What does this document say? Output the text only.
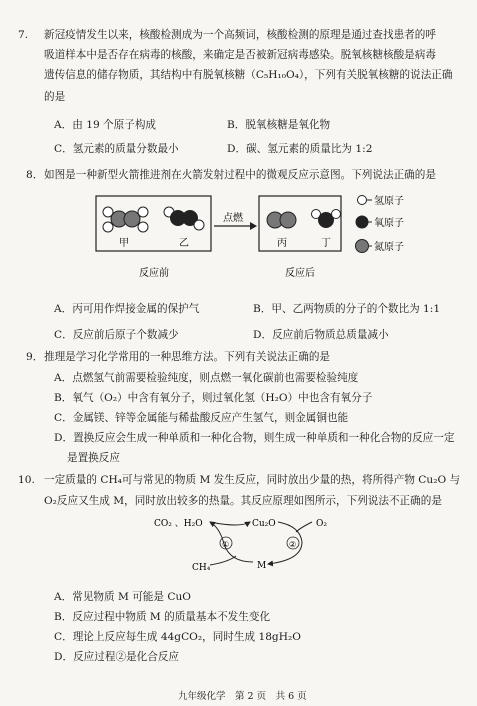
7. 新冠疫情发生以来，核酸检测成为一个高频词，核酸检测的原理是通过查找患者的呼
吸道样本中是否存在病毒的核酸，来确定是否被新冠病毒感染。脱氧核糖核酸是病毒
遗传信息的储存物质，其结构中有脱氧核糖（C₅H₁₀O₄），下列有关脱氧核糖的说法正确
的是
A．由 19 个原子构成	B．脱氧核糖是氧化物
C．氢元素的质量分数最小	D．碳、氢元素的质量比为 1:2
8． 如图是一种新型火箭推进剂在火箭发射过程中的微观反应示意图。下列说法正确的是
甲	乙
点燃
丙	丁
反应前	反应后
氢原子
氧原子
氮原子
A．丙可用作焊接金属的保护气	B．甲、乙两物质的分子的个数比为 1:1
C．反应前后原子个数减少	D．反应前后物质总质量减小
9． 推理是学习化学常用的一种思维方法。下列有关说法正确的是
A．点燃氢气前需要检验纯度，则点燃一氧化碳前也需要检验纯度
B．氧气（O₂）中含有氧分子，则过氧化氢（H₂O）中也含有氧分子
C．金属镁、锌等金属能与稀盐酸反应产生氢气，则金属铜也能
D．置换反应会生成一种单质和一种化合物，则生成一种单质和一种化合物的反应一定
是置换反应
10. 一定质量的 CH₄可与常见的物质 M 发生反应，同时放出少量的热，将所得产物 Cu₂O 与
O₂反应又生成 M，同时放出较多的热量。其反应原理如图所示，下列说法不正确的是
CO₂ 、H₂O	Cu₂O	O₂
CH₄	M
①	②
A．常见物质 M 可能是 CuO
B．反应过程中物质 M 的质量基本不发生变化
C．理论上反应每生成 44gCO₂，同时生成 18gH₂O
D．反应过程②是化合反应
九年级化学　第 2 页　共 6 页
